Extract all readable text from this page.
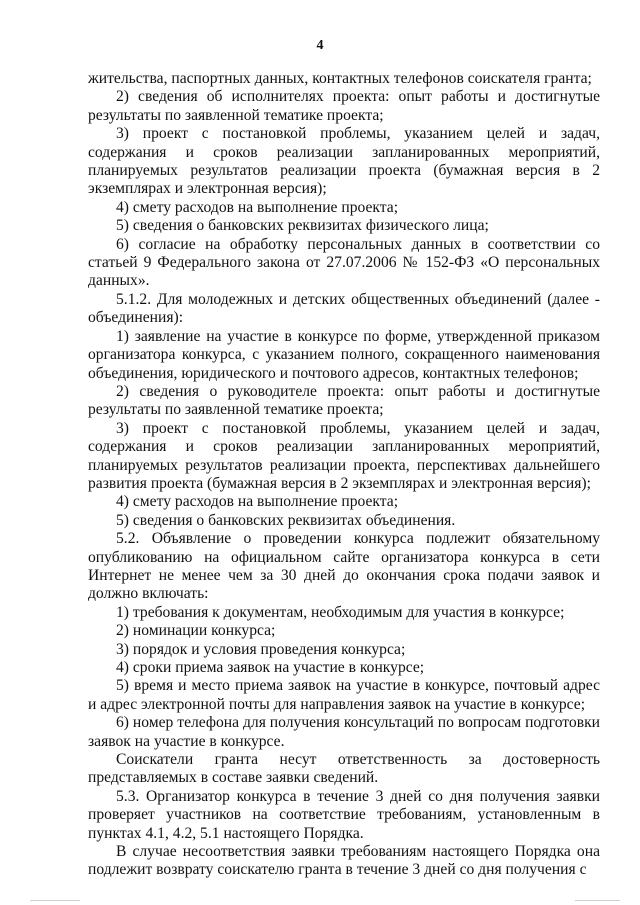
4

жительства, паспортных данных, контактных телефонов соискателя гранта;

2) сведения об исполнителях проекта: опыт работы и достигнутые результаты по заявленной тематике проекта;

3) проект с постановкой проблемы, указанием целей и задач, содержания и сроков реализации запланированных мероприятий, планируемых результатов реализации проекта (бумажная версия в 2 экземплярах и электронная версия);

4) смету расходов на выполнение проекта;

5) сведения о банковских реквизитах физического лица;

6) согласие на обработку персональных данных в соответствии со статьей 9 Федерального закона от 27.07.2006 № 152-ФЗ «О персональных данных».

5.1.2. Для молодежных и детских общественных объединений (далее - объединения):

1) заявление на участие в конкурсе по форме, утвержденной приказом организатора конкурса, с указанием полного, сокращенного наименования объединения, юридического и почтового адресов, контактных телефонов;

2) сведения о руководителе проекта: опыт работы и достигнутые результаты по заявленной тематике проекта;

3) проект с постановкой проблемы, указанием целей и задач, содержания и сроков реализации запланированных мероприятий, планируемых результатов реализации проекта, перспективах дальнейшего развития проекта (бумажная версия в 2 экземплярах и электронная версия);

4) смету расходов на выполнение проекта;

5) сведения о банковских реквизитах объединения.

5.2. Объявление о проведении конкурса подлежит обязательному опубликованию на официальном сайте организатора конкурса в сети Интернет не менее чем за 30 дней до окончания срока подачи заявок и должно включать:

1) требования к документам, необходимым для участия в конкурсе;

2) номинации конкурса;

3) порядок и условия проведения конкурса;

4) сроки приема заявок на участие в конкурсе;

5) время и место приема заявок на участие в конкурсе, почтовый адрес и адрес электронной почты для направления заявок на участие в конкурсе;

6) номер телефона для получения консультаций по вопросам подготовки заявок на участие в конкурсе.

Соискатели гранта несут ответственность за достоверность представляемых в составе заявки сведений.

5.3. Организатор конкурса в течение 3 дней со дня получения заявки проверяет участников на соответствие требованиям, установленным в пунктах 4.1, 4.2, 5.1 настоящего Порядка.

В случае несоответствия заявки требованиям настоящего Порядка она подлежит возврату соискателю гранта в течение 3 дней со дня получения с
